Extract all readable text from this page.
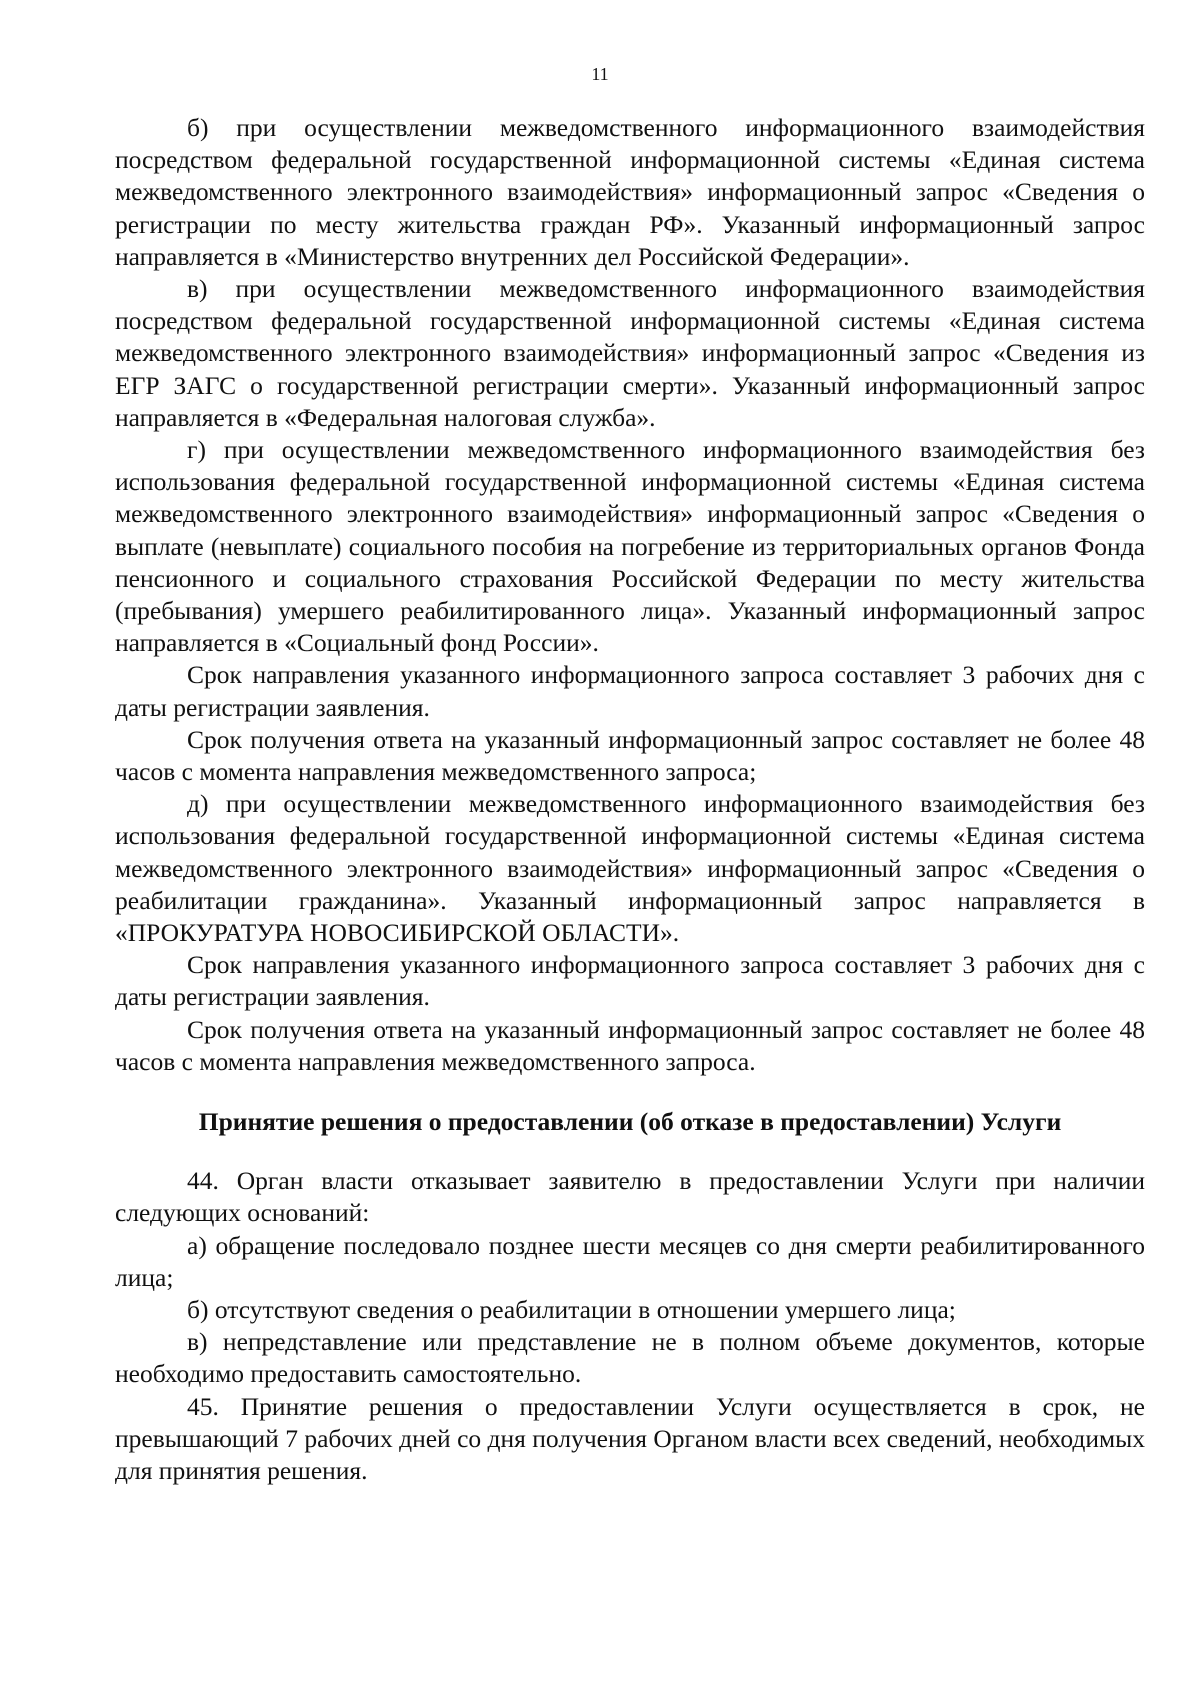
11

б) при осуществлении межведомственного информационного взаимодействия посредством федеральной государственной информационной системы «Единая система межведомственного электронного взаимодействия» информационный запрос «Сведения о регистрации по месту жительства граждан РФ». Указанный информационный запрос направляется в «Министерство внутренних дел Российской Федерации».

в) при осуществлении межведомственного информационного взаимодействия посредством федеральной государственной информационной системы «Единая система межведомственного электронного взаимодействия» информационный запрос «Сведения из ЕГР ЗАГС о государственной регистрации смерти». Указанный информационный запрос направляется в «Федеральная налоговая служба».

г) при осуществлении межведомственного информационного взаимодействия без использования федеральной государственной информационной системы «Единая система межведомственного электронного взаимодействия» информационный запрос «Сведения о выплате (невыплате) социального пособия на погребение из территориальных органов Фонда пенсионного и социального страхования Российской Федерации по месту жительства (пребывания) умершего реабилитированного лица». Указанный информационный запрос направляется в «Социальный фонд России».

Срок направления указанного информационного запроса составляет 3 рабочих дня с даты регистрации заявления.

Срок получения ответа на указанный информационный запрос составляет не более 48 часов с момента направления межведомственного запроса;

д) при осуществлении межведомственного информационного взаимодействия без использования федеральной государственной информационной системы «Единая система межведомственного электронного взаимодействия» информационный запрос «Сведения о реабилитации гражданина». Указанный информационный запрос направляется в «ПРОКУРАТУРА НОВОСИБИРСКОЙ ОБЛАСТИ».

Срок направления указанного информационного запроса составляет 3 рабочих дня с даты регистрации заявления.

Срок получения ответа на указанный информационный запрос составляет не более 48 часов с момента направления межведомственного запроса.

Принятие решения о предоставлении (об отказе в предоставлении) Услуги

44. Орган власти отказывает заявителю в предоставлении Услуги при наличии следующих оснований:

а) обращение последовало позднее шести месяцев со дня смерти реабилитированного лица;

б) отсутствуют сведения о реабилитации в отношении умершего лица;

в) непредставление или представление не в полном объеме документов, которые необходимо предоставить самостоятельно.

45. Принятие решения о предоставлении Услуги осуществляется в срок, не превышающий 7 рабочих дней со дня получения Органом власти всех сведений, необходимых для принятия решения.
